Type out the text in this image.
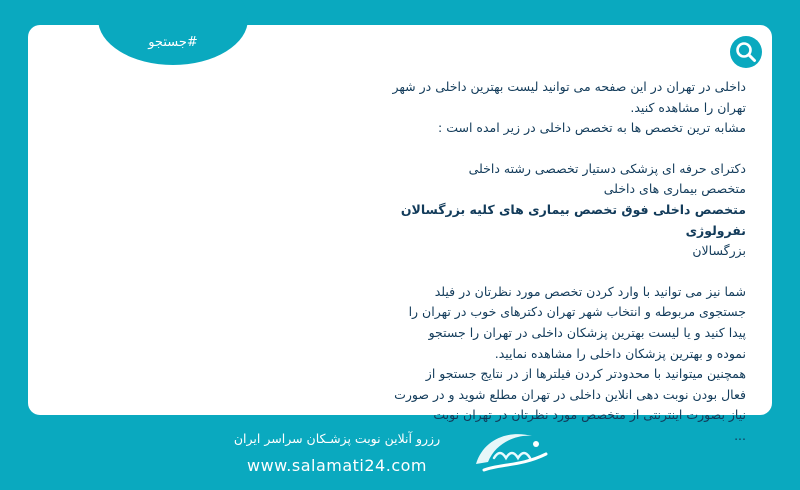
#جستجو

داخلی در تهران در این صفحه می توانید لیست بهترین داخلی در شهر

تهران را مشاهده کنید.

مشابه ترین تخصص ها به تخصص داخلی در زیر امده است :

دکترای حرفه ای پزشکی دستیار تخصصی رشته داخلی

متخصص بیماری های داخلی

متخصص داخلی فوق تخصص بیماری های کلیه بزرگسالان نفرولوژی

بزرگسالان

شما نیز می توانید با وارد کردن تخصص مورد نظرتان در فیلد

جستجوی مربوطه و انتخاب شهر تهران دکترهای خوب در تهران را

پیدا کنید و یا لیست بهترین پزشکان داخلی در تهران را جستجو

نموده و بهترین پزشکان داخلی را مشاهده نمایید.

همچنین میتوانید با محدودتر کردن فیلترها از در نتایج جستجو از

فعال بودن نوبت دهی انلاین داخلی در تهران مطلع شوید و در صورت

نیاز بصورت اینترنتی از متخصص مورد نظرتان در تهران نوبت

...

رزرو آنلاین نوبت پزشـکان سراسر ایران
www.salamati24.com
